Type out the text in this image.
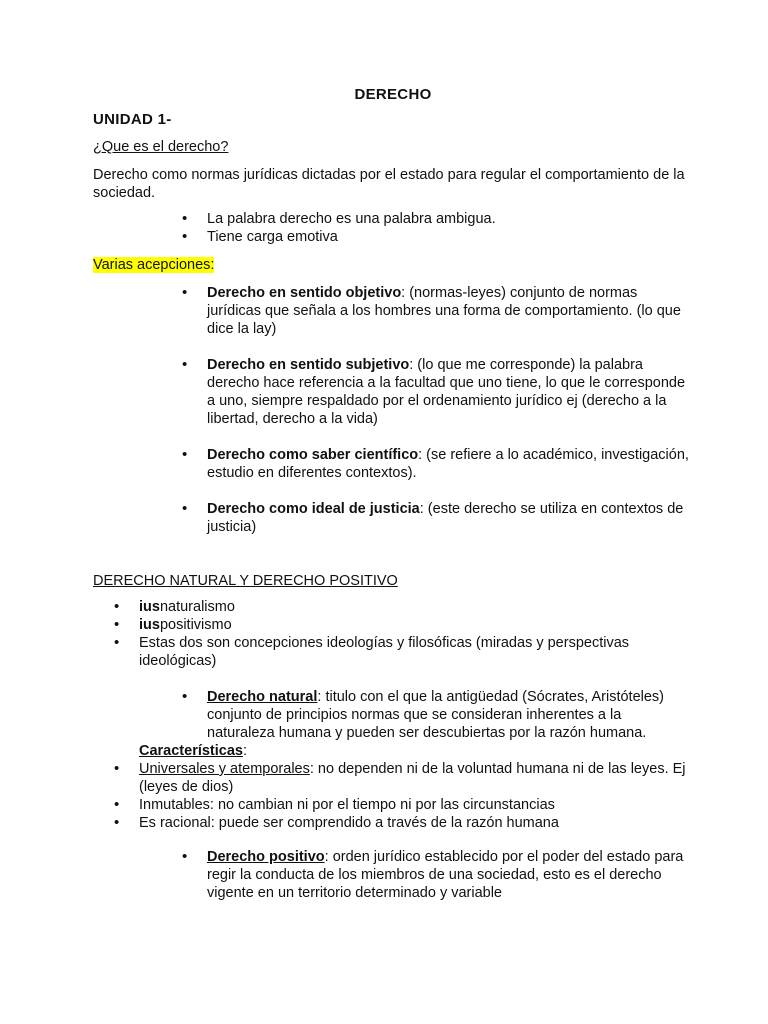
DERECHO
UNIDAD 1-

¿Que es el derecho?

Derecho como normas jurídicas dictadas por el estado para regular el comportamiento de la sociedad.

• La palabra derecho es una palabra ambigua.
• Tiene carga emotiva

Varias acepciones:

• Derecho en sentido objetivo: (normas-leyes) conjunto de normas jurídicas que señala a los hombres una forma de comportamiento. (lo que dice la lay)
• Derecho en sentido subjetivo: (lo que me corresponde) la palabra derecho hace referencia a la facultad que uno tiene, lo que le corresponde a uno, siempre respaldado por el ordenamiento jurídico ej (derecho a la libertad, derecho a la vida)
• Derecho como saber científico: (se refiere a lo académico, investigación, estudio en diferentes contextos).
• Derecho como ideal de justicia: (este derecho se utiliza en contextos de justicia)

DERECHO NATURAL Y DERECHO POSITIVO

• iusnaturalismo
• iuspositivismo
• Estas dos son concepciones ideologías y filosóficas (miradas y perspectivas ideológicas)
• Derecho natural: titulo con el que la antigüedad (Sócrates, Aristóteles) conjunto de principios normas que se consideran inherentes a la naturaleza humana y pueden ser descubiertas por la razón humana.
Características:
• Universales y atemporales: no dependen ni de la voluntad humana ni de las leyes. Ej (leyes de dios)
• Inmutables: no cambian ni por el tiempo ni por las circunstancias
• Es racional: puede ser comprendido a través de la razón humana
• Derecho positivo: orden jurídico establecido por el poder del estado para regir la conducta de los miembros de una sociedad, esto es el derecho vigente en un territorio determinado y variable
